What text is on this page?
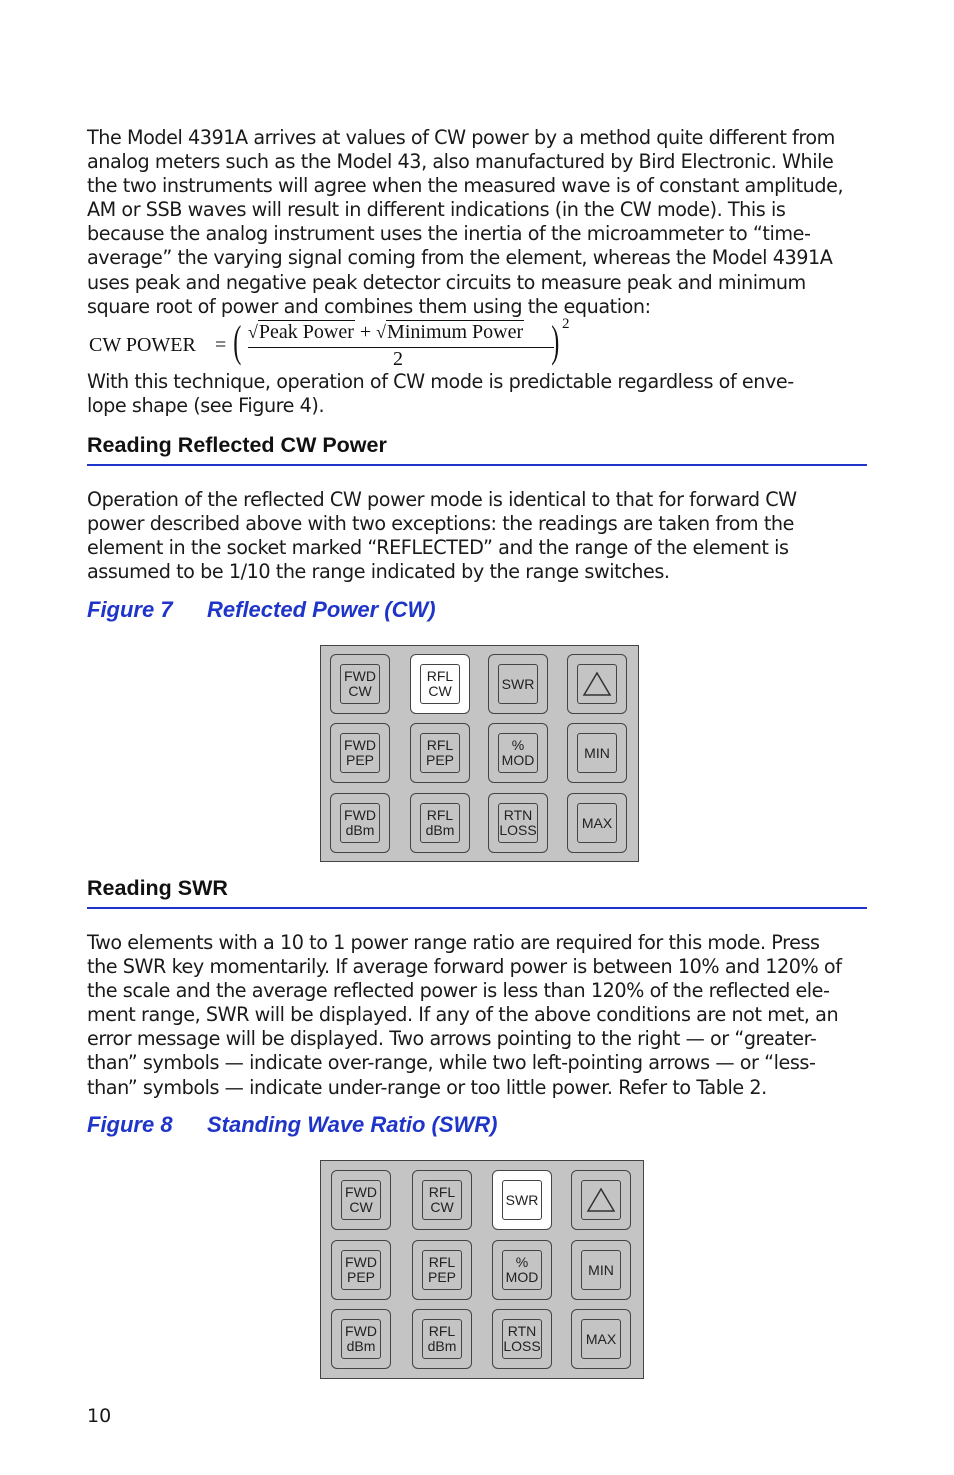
The Model 4391A arrives at values of CW power by a method quite different from
analog meters such as the Model 43, also manufactured by Bird Electronic. While
the two instruments will agree when the measured wave is of constant amplitude,
AM or SSB waves will result in different indications (in the CW mode). This is
because the analog instrument uses the inertia of the microammeter to “time-
average” the varying signal coming from the element, whereas the Model 4391A
uses peak and negative peak detector circuits to measure peak and minimum
square root of power and combines them using the equation:

CW POWER = ( √Peak Power + √Minimum Power
2	) 2

With this technique, operation of CW mode is predictable regardless of enve-
lope shape (see Figure 4).

Reading Reflected CW Power

Operation of the reflected CW power mode is identical to that for forward CW
power described above with two exceptions: the readings are taken from the
element in the socket marked “REFLECTED” and the range of the element is
assumed to be 1/10 the range indicated by the range switches.

Figure 7 Reflected Power (CW)
FWD
CW
RFL
CW	SWR
FWD
PEP
RFL
PEP
%
MOD	MIN
FWD
dBm
RFL
dBm
RTN
LOSS	MAX
Reading SWR

Two elements with a 10 to 1 power range ratio are required for this mode. Press
the SWR key momentarily. If average forward power is between 10% and 120% of
the scale and the average reflected power is less than 120% of the reflected ele-
ment range, SWR will be displayed. If any of the above conditions are not met, an
error message will be displayed. Two arrows pointing to the right — or “greater-
than” symbols — indicate over-range, while two left-pointing arrows — or “less-
than” symbols — indicate under-range or too little power. Refer to Table 2.

Figure 8 Standing Wave Ratio (SWR)
FWD
CW
RFL
CW	SWR
FWD
PEP
RFL
PEP
%
MOD	MIN
FWD
dBm
RFL
dBm
RTN
LOSS	MAX
10
